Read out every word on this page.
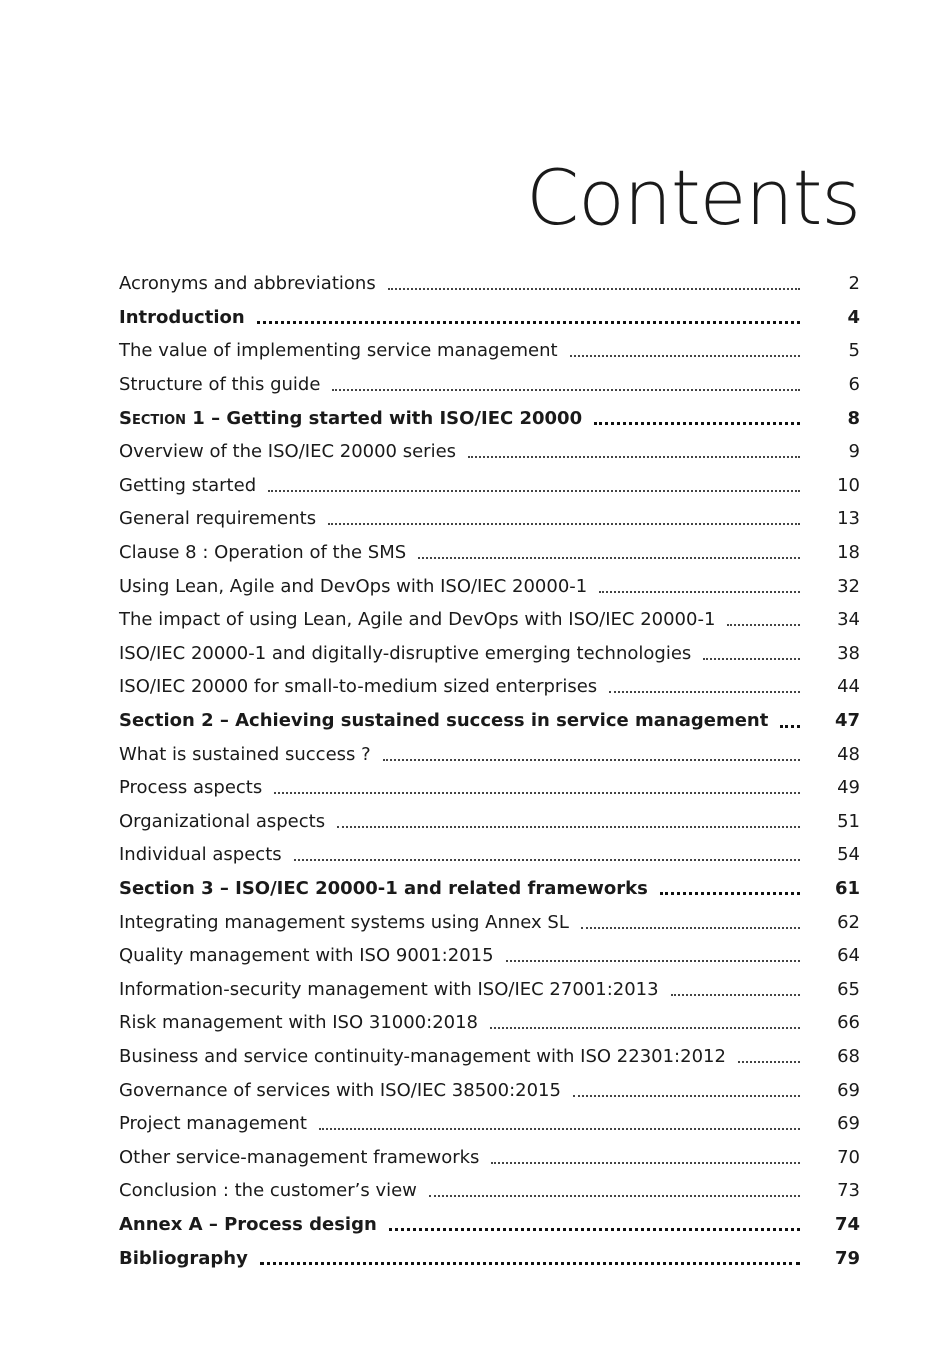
Contents
Acronyms and abbreviations	2
Introduction	4
The value of implementing service management	5
Structure of this guide	6
Section 1 – Getting started with ISO/IEC 20000	8
Overview of the ISO/IEC 20000 series	9
Getting started	10
General requirements	13
Clause 8 : Operation of the SMS	18
Using Lean, Agile and DevOps with ISO/IEC 20000-1	32
The impact of using Lean, Agile and DevOps with ISO/IEC 20000-1	34
ISO/IEC 20000-1 and digitally-disruptive emerging technologies	38
ISO/IEC 20000 for small-to-medium sized enterprises	44
Section 2 – Achieving sustained success in service management	47
What is sustained success ?	48
Process aspects	49
Organizational aspects	51
Individual aspects	54
Section 3 – ISO/IEC 20000-1 and related frameworks	61
Integrating management systems using Annex SL	62
Quality management with ISO 9001:2015	64
Information-security management with ISO/IEC 27001:2013	65
Risk management with ISO 31000:2018	66
Business and service continuity-management with ISO 22301:2012	68
Governance of services with ISO/IEC 38500:2015	69
Project management	69
Other service-management frameworks	70
Conclusion : the customer’s view	73
Annex A – Process design	74
Bibliography	79
